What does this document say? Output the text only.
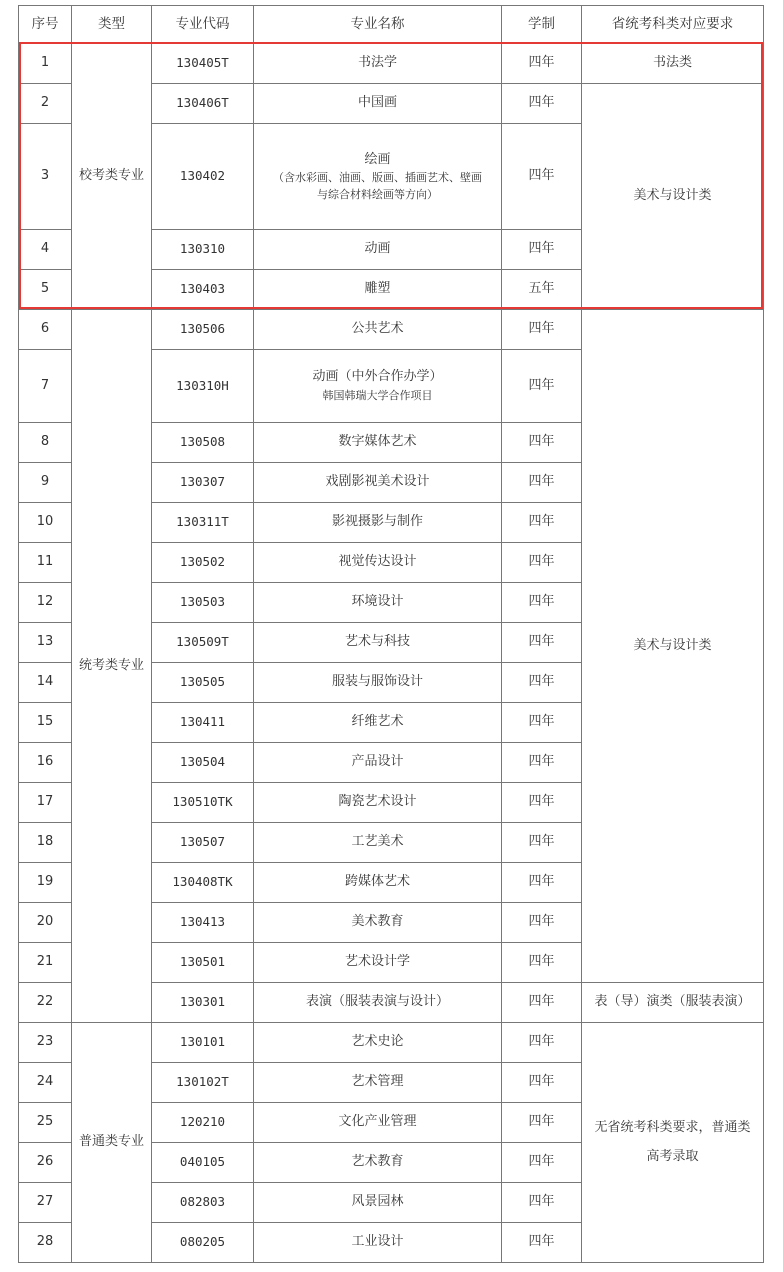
序号	类型	专业代码	专业名称	学制	省统考科类对应要求
1	校考类专业	130405T	书法学	四年	书法类
2		130406T	中国画	四年	美术与设计类
3		130402	绘画
（含水彩画、油画、版画、插画艺术、壁画
与综合材料绘画等方向）	四年	
4		130310	动画	四年	
5		130403	雕塑	五年	
6	统考类专业	130506	公共艺术	四年	美术与设计类
7		130310H	动画（中外合作办学）
韩国韩瑞大学合作项目	四年	
8		130508	数字媒体艺术	四年	
9		130307	戏剧影视美术设计	四年	
10		130311T	影视摄影与制作	四年	
11		130502	视觉传达设计	四年	
12		130503	环境设计	四年	
13		130509T	艺术与科技	四年	
14		130505	服装与服饰设计	四年	
15		130411	纤维艺术	四年	
16		130504	产品设计	四年	
17		130510TK	陶瓷艺术设计	四年	
18		130507	工艺美术	四年	
19		130408TK	跨媒体艺术	四年	
20		130413	美术教育	四年	
21		130501	艺术设计学	四年	
22		130301	表演（服装表演与设计）	四年	表（导）演类（服装表演）
23	普通类专业	130101	艺术史论	四年	无省统考科类要求，普通类
高考录取

24		130102T	艺术管理	四年	
25		120210	文化产业管理	四年	
26		040105	艺术教育	四年	
27		082803	风景园林	四年	
28		080205	工业设计	四年	
